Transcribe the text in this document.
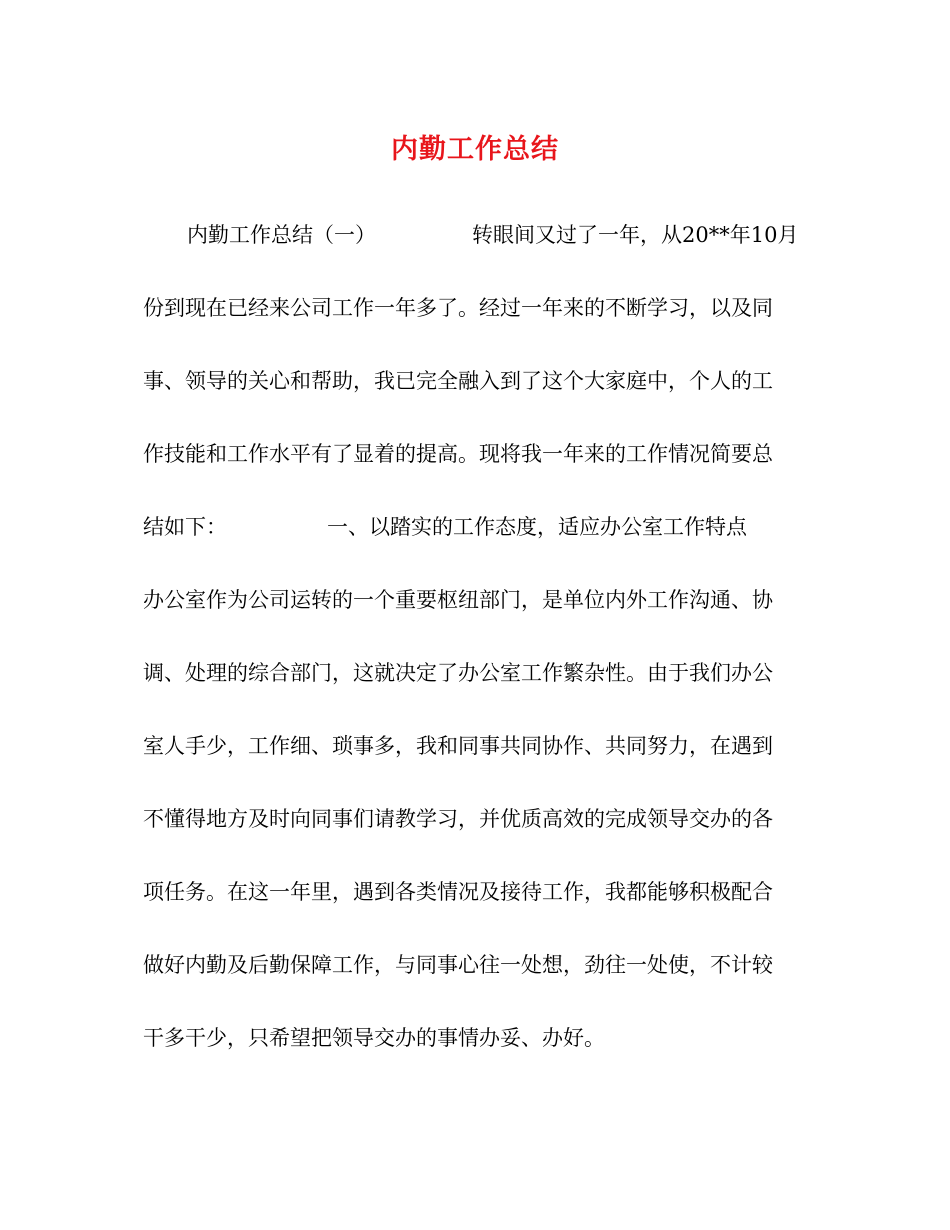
内勤工作总结
内勤工作总结（一）	转眼间又过了一年，从20**年10月
份到现在已经来公司工作一年多了。经过一年来的不断学习，以及同
事、领导的关心和帮助，我已完全融入到了这个大家庭中，个人的工
作技能和工作水平有了显着的提高。现将我一年来的工作情况简要总
结如下：	一、以踏实的工作态度，适应办公室工作特点
办公室作为公司运转的一个重要枢纽部门，是单位内外工作沟通、协
调、处理的综合部门，这就决定了办公室工作繁杂性。由于我们办公
室人手少，工作细、琐事多，我和同事共同协作、共同努力，在遇到
不懂得地方及时向同事们请教学习，并优质高效的完成领导交办的各
项任务。在这一年里，遇到各类情况及接待工作，我都能够积极配合
做好内勤及后勤保障工作，与同事心往一处想，劲往一处使，不计较
干多干少，只希望把领导交办的事情办妥、办好。
